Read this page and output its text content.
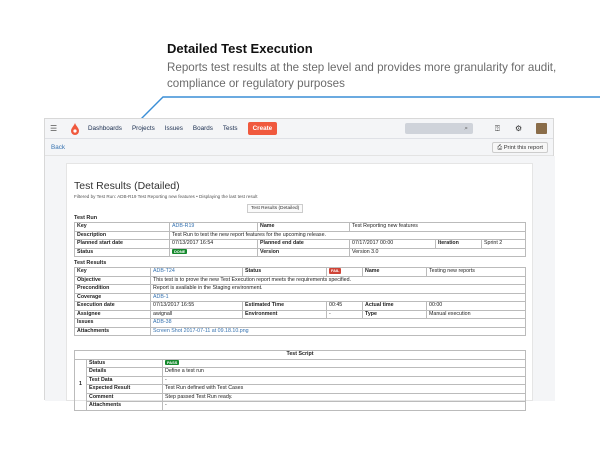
Detailed Test Execution
Reports test results at the step level and provides more granularity for audit, compliance or regulatory purposes
☰	Dashboards Projects Issues Boards Tests	Create	⌕	⍰ ⚙
Back	⎙ Print this report
Test Results (Detailed)
Filtered by Test Run: ADB-R19 Test Reporting new features • Displaying the last test result
Test Results (Detailed)
Test Run
Key	ADB-R19	Name	Test Reporting new features		
Description	Test Run to test the new report features for the upcoming release.				
Planned start date	07/13/2017 16:54	Planned end date	07/17/2017 00:00	Iteration	Sprint 2
Status	DONE	Version	Version 3.0		
Test Results
Key	ADB-T24	Status	FAIL	Name	Testing new reports
Objective	This test is to prove the new Test Execution report meets the requirements specified.				
Precondition	Report is available in the Staging environment.				
Coverage	ADB-1				
Execution date	07/13/2017 16:55	Estimated Time	00:45	Actual time	00:00
Assignee	awignall	Environment	-	Type	Manual execution
Issues	ADB-38				
Attachments	Screen Shot 2017-07-11 at 09.18.10.png				
Test Script		
1	Status	PASS
	Details	Define a test run
	Test Data	-
	Expected Result	Test Run defined with Test Cases
	Comment	Step passed Test Run ready.
	Attachments	-
